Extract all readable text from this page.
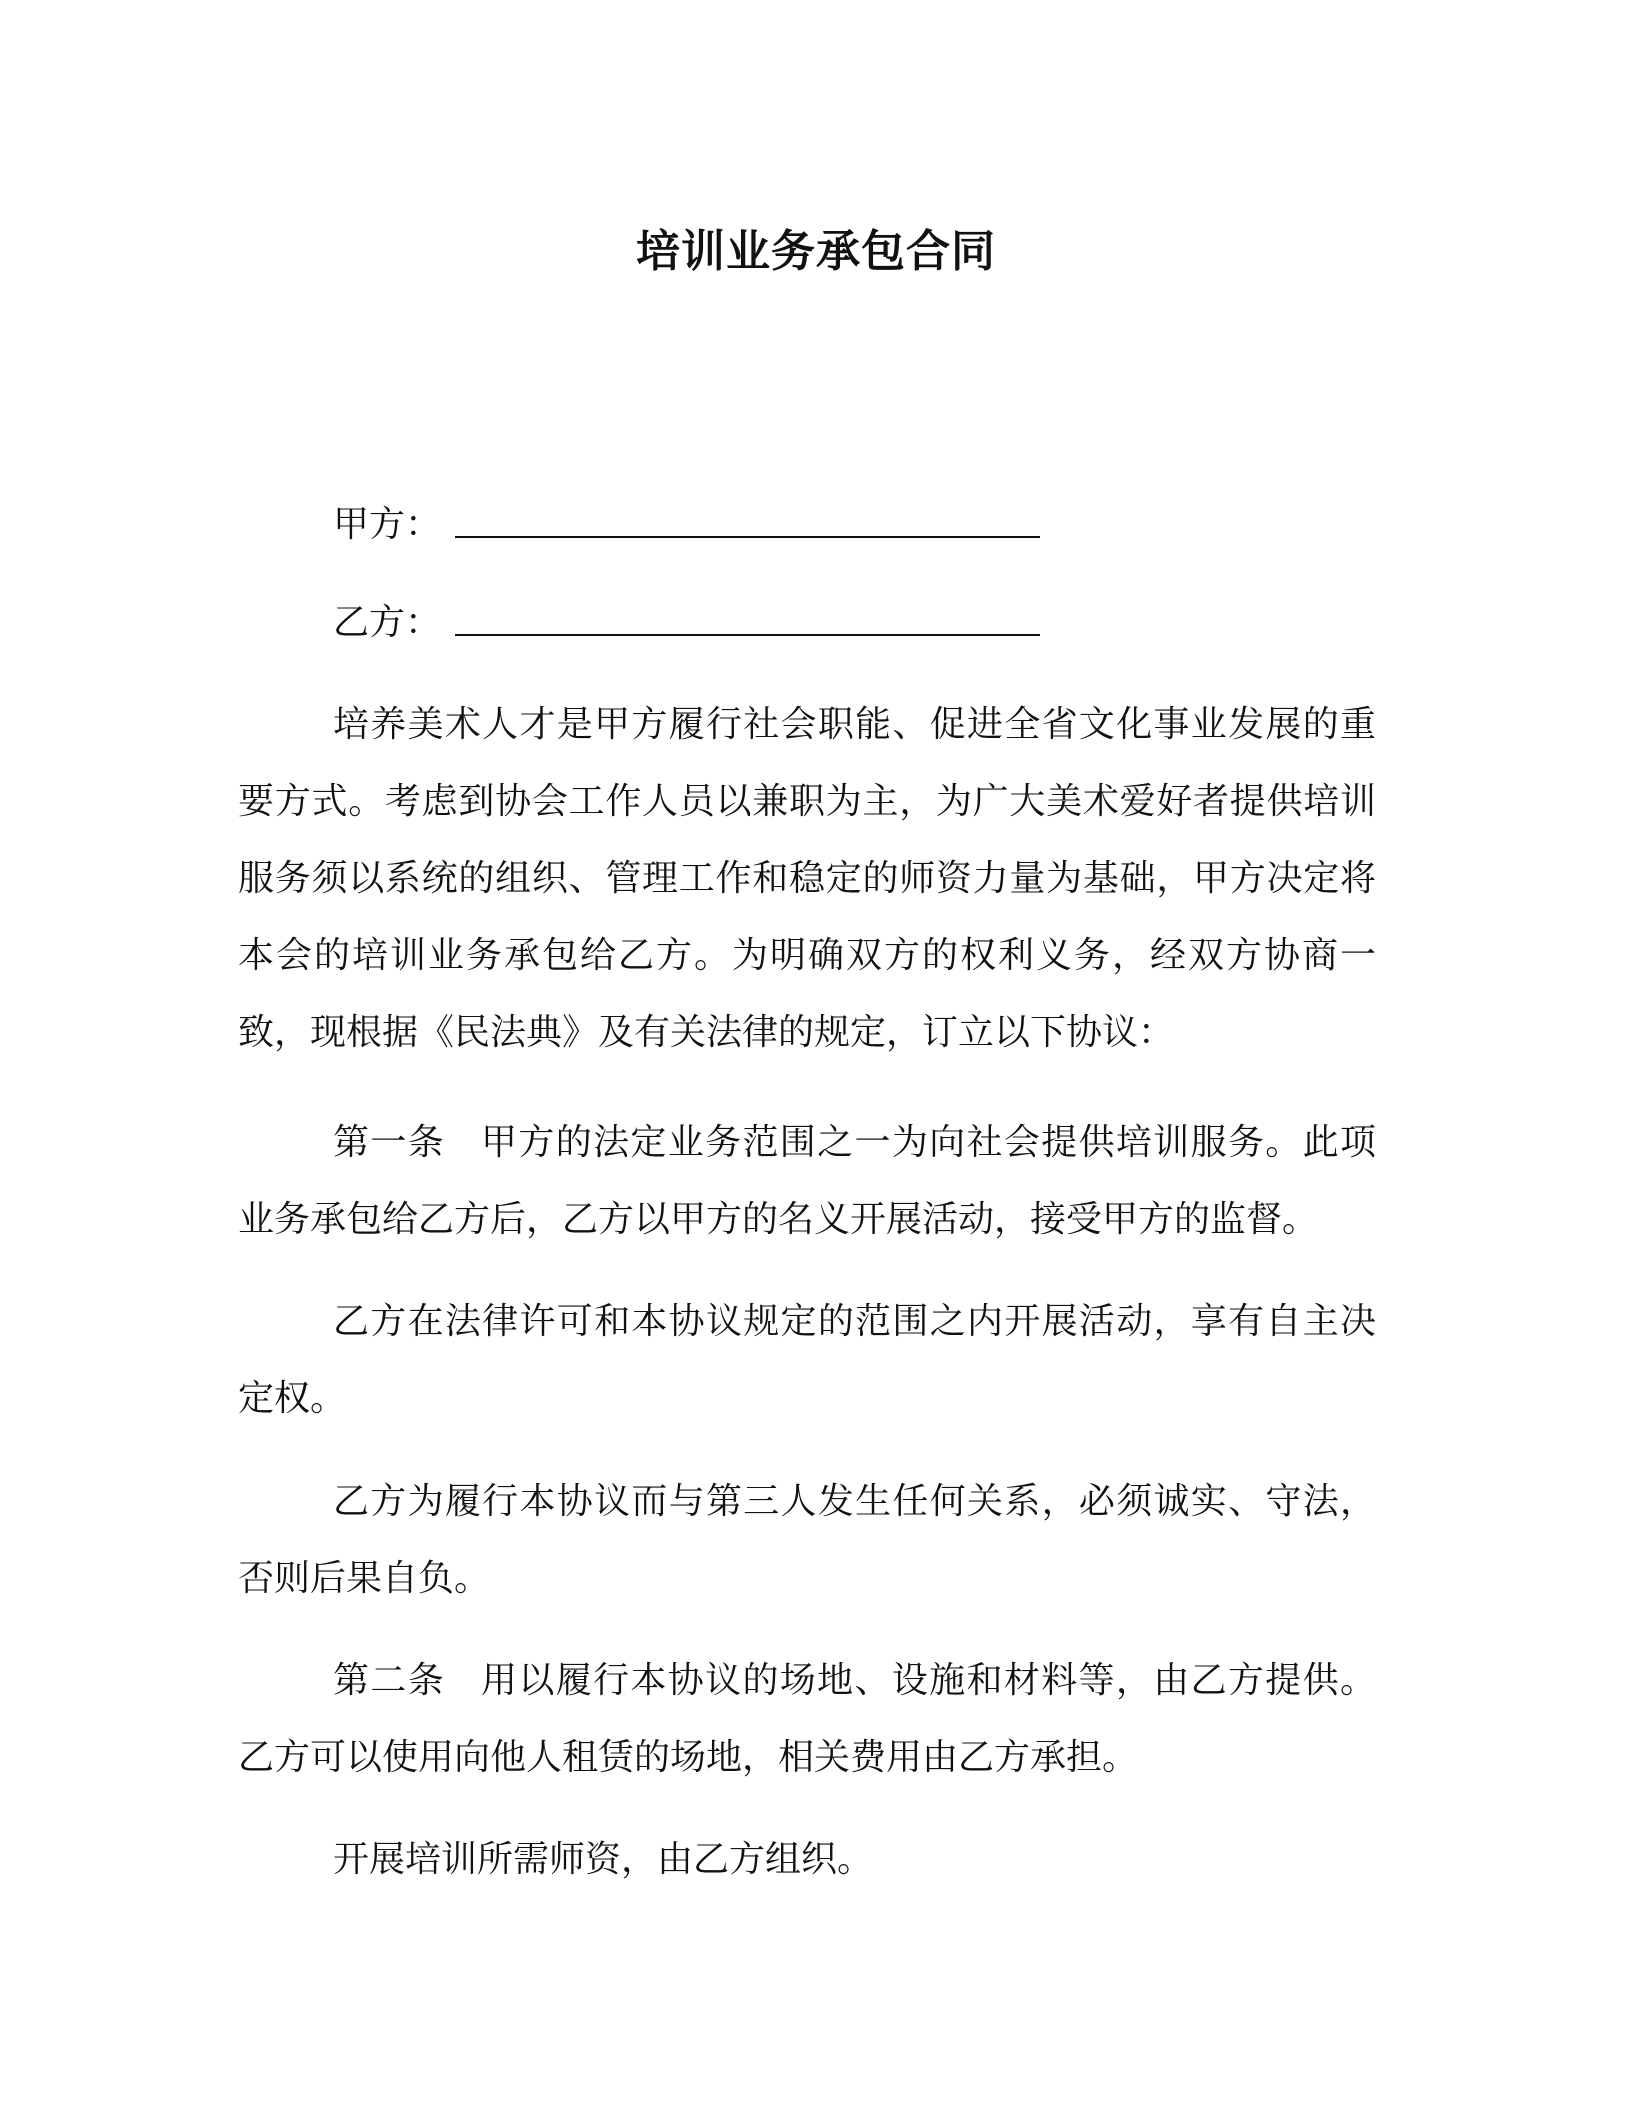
培训业务承包合同
甲方：
乙方：

培养美术人才是甲方履行社会职能、促进全省文化事业发展的重要方式。考虑到协会工作人员以兼职为主，为广大美术爱好者提供培训服务须以系统的组织、管理工作和稳定的师资力量为基础，甲方决定将本会的培训业务承包给乙方。为明确双方的权利义务，经双方协商一致，现根据《民法典》及有关法律的规定，订立以下协议：

第一条 甲方的法定业务范围之一为向社会提供培训服务。此项业务承包给乙方后，乙方以甲方的名义开展活动，接受甲方的监督。

乙方在法律许可和本协议规定的范围之内开展活动，享有自主决定权。

乙方为履行本协议而与第三人发生任何关系，必须诚实、守法，否则后果自负。

第二条 用以履行本协议的场地、设施和材料等，由乙方提供。乙方可以使用向他人租赁的场地，相关费用由乙方承担。

开展培训所需师资，由乙方组织。
